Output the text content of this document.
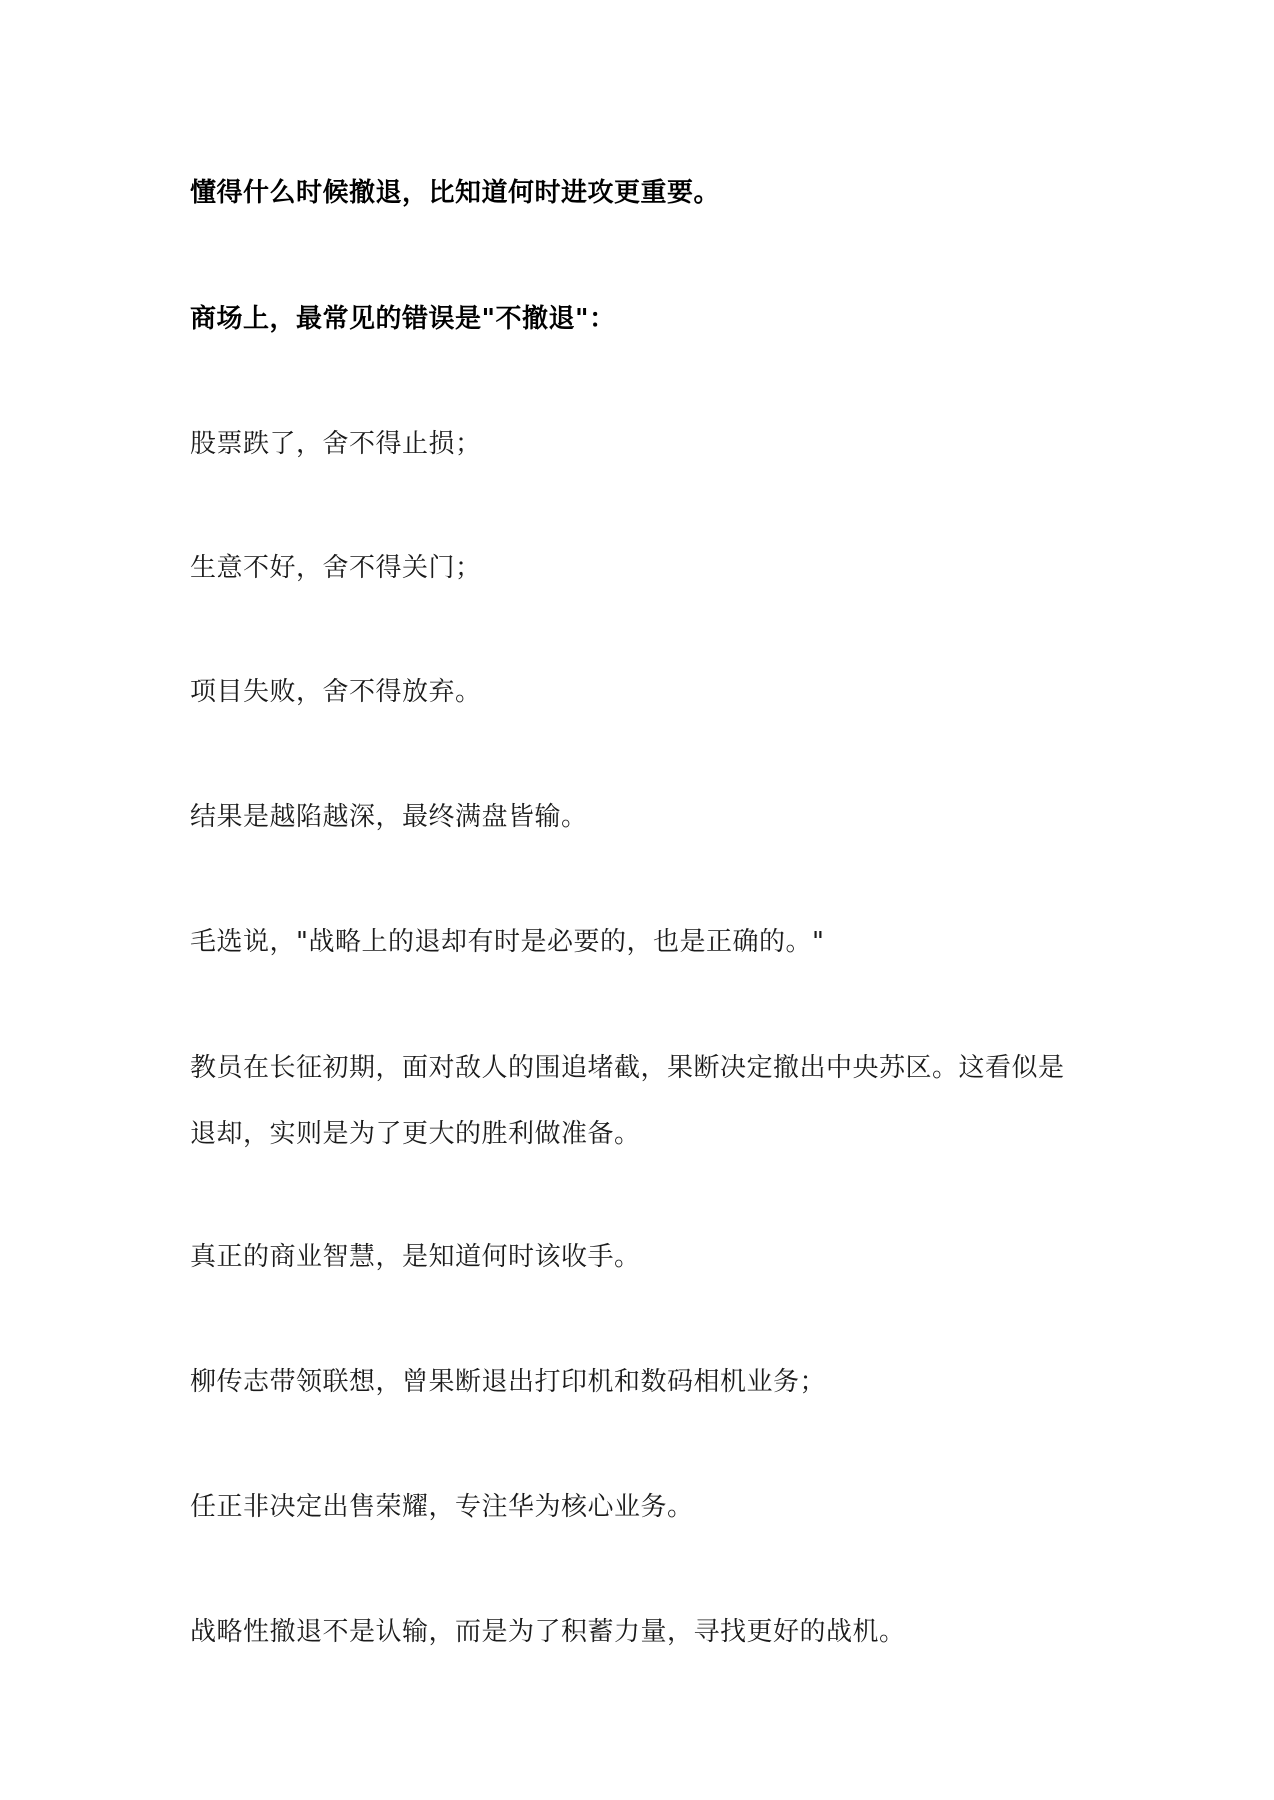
懂得什么时候撤退，比知道何时进攻更重要。

商场上，最常见的错误是"不撤退"：

股票跌了，舍不得止损；

生意不好，舍不得关门；

项目失败，舍不得放弃。

结果是越陷越深，最终满盘皆输。

毛选说，"战略上的退却有时是必要的，也是正确的。"

教员在长征初期，面对敌人的围追堵截，果断决定撤出中央苏区。这看似是退却，实则是为了更大的胜利做准备。

真正的商业智慧，是知道何时该收手。

柳传志带领联想，曾果断退出打印机和数码相机业务；

任正非决定出售荣耀，专注华为核心业务。

战略性撤退不是认输，而是为了积蓄力量，寻找更好的战机。
